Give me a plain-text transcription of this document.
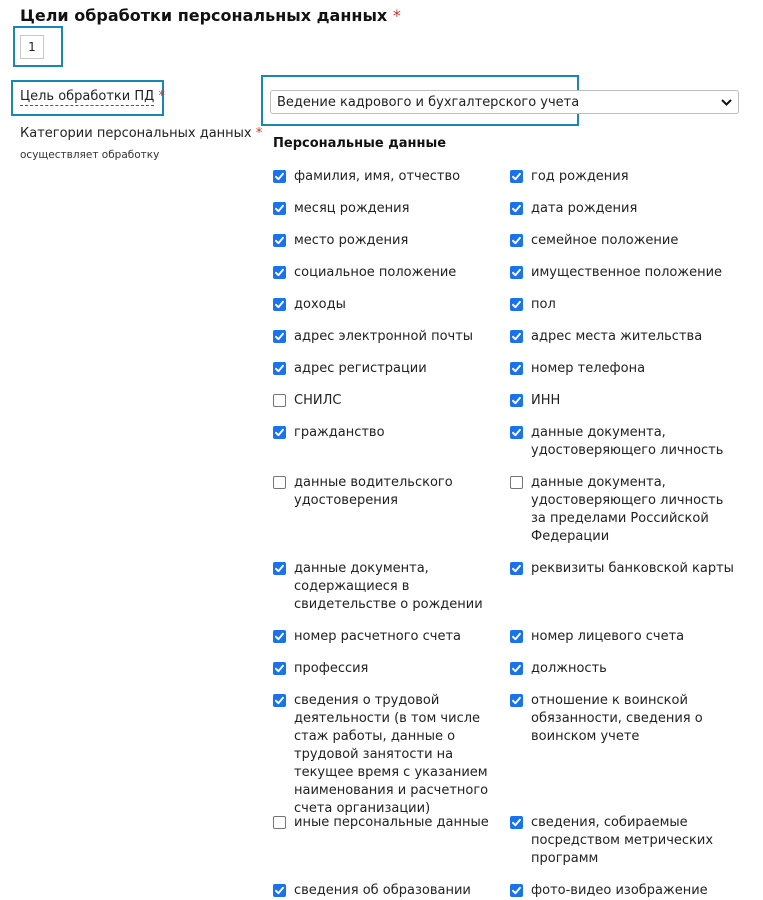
Цели обработки персональных данных *
1
Цель обработки ПД *	Ведение кадрового и бухгалтерского учета
Категории персональных данных *
осуществляет обработку
Персональные данные
фамилия, имя, отчество
месяц рождения
место рождения
социальное положение
доходы
адрес электронной почты
адрес регистрации
СНИЛС
гражданство
данные водительского удостоверения
данные документа, содержащиеся в свидетельстве о рождении
номер расчетного счета
профессия
сведения о трудовой деятельности (в том числе стаж работы, данные о трудовой занятости на текущее время с указанием наименования и расчетного счета организации)
иные персональные данные
сведения об образовании
год рождения
дата рождения
семейное положение
имущественное положение
пол
адрес места жительства
номер телефона
ИНН
данные документа, удостоверяющего личность
данные документа, удостоверяющего личность за пределами Российской Федерации
реквизиты банковской карты
номер лицевого счета
должность
отношение к воинской обязанности, сведения о воинском учете
сведения, собираемые посредством метрических программ
фото-видео изображение
